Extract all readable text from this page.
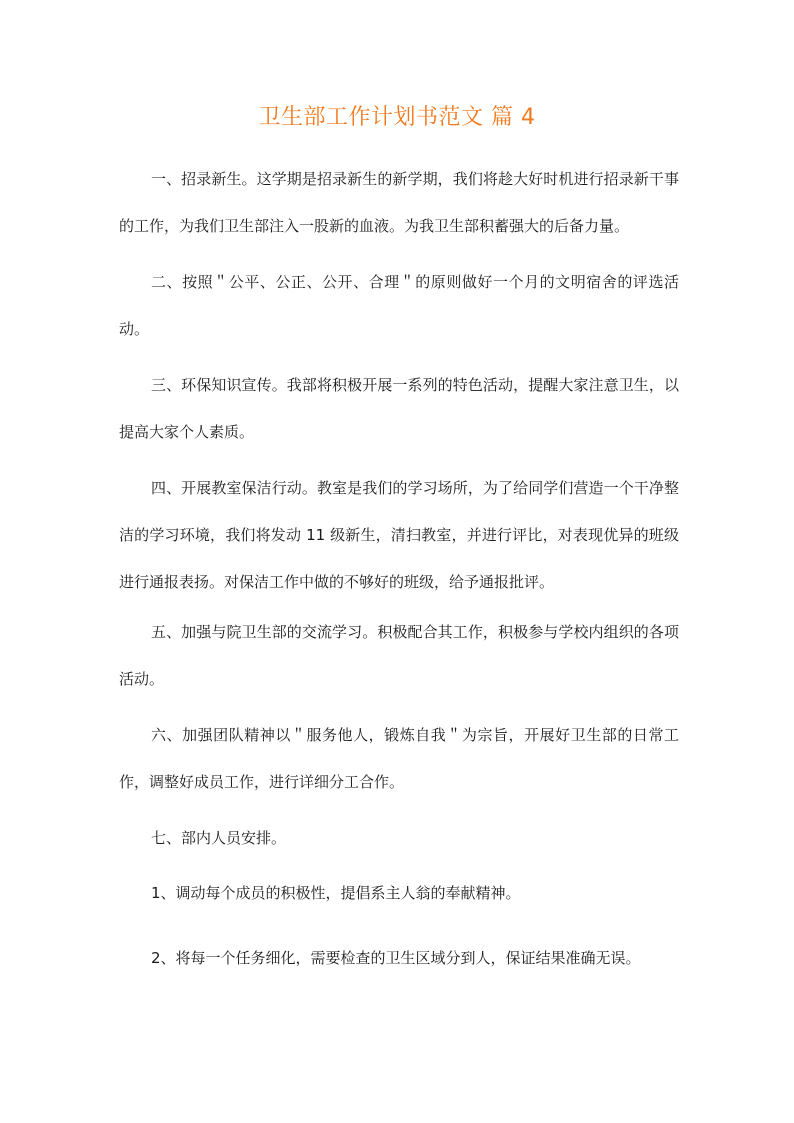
卫生部工作计划书范文 篇 4

一、招录新生。这学期是招录新生的新学期，我们将趁大好时机进行招录新干事的工作，为我们卫生部注入一股新的血液。为我卫生部积蓄强大的后备力量。

二、按照＂公平、公正、公开、合理＂的原则做好一个月的文明宿舍的评选活动。

三、环保知识宣传。我部将积极开展一系列的特色活动，提醒大家注意卫生，以提高大家个人素质。

四、开展教室保洁行动。教室是我们的学习场所，为了给同学们营造一个干净整洁的学习环境，我们将发动 11 级新生，清扫教室，并进行评比，对表现优异的班级进行通报表扬。对保洁工作中做的不够好的班级，给予通报批评。

五、加强与院卫生部的交流学习。积极配合其工作，积极参与学校内组织的各项活动。

六、加强团队精神以＂服务他人，锻炼自我＂为宗旨，开展好卫生部的日常工作，调整好成员工作，进行详细分工合作。

七、部内人员安排。

1、调动每个成员的积极性，提倡系主人翁的奉献精神。

2、将每一个任务细化，需要检查的卫生区域分到人，保证结果准确无误。
